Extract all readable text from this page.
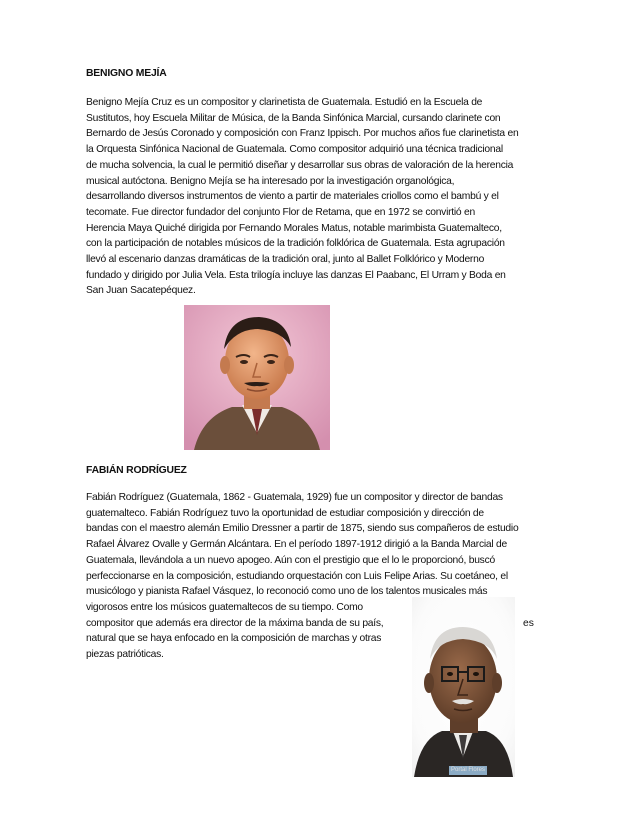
BENIGNO MEJÍA

Benigno Mejía Cruz es un compositor y clarinetista de Guatemala. Estudió en la Escuela de
Sustitutos, hoy Escuela Militar de Música, de la Banda Sinfónica Marcial, cursando clarinete con
Bernardo de Jesús Coronado y composición con Franz Ippisch. Por muchos años fue clarinetista en
la Orquesta Sinfónica Nacional de Guatemala. Como compositor adquirió una técnica tradicional
de mucha solvencia, la cual le permitió diseñar y desarrollar sus obras de valoración de la herencia
musical autóctona. Benigno Mejía se ha interesado por la investigación organológica,
desarrollando diversos instrumentos de viento a partir de materiales criollos como el bambú y el
tecomate. Fue director fundador del conjunto Flor de Retama, que en 1972 se convirtió en
Herencia Maya Quiché dirigida por Fernando Morales Matus, notable marimbista Guatemalteco,
con la participación de notables músicos de la tradición folklórica de Guatemala. Esta agrupación
llevó al escenario danzas dramáticas de la tradición oral, junto al Ballet Folklórico y Moderno
fundado y dirigido por Julia Vela. Esta trilogía incluye las danzas El Paabanc, El Urram y Boda en
San Juan Sacatepéquez.

FABIÁN RODRÍGUEZ

Fabián Rodríguez (Guatemala, 1862 - Guatemala, 1929) fue un compositor y director de bandas
guatemalteco. Fabián Rodríguez tuvo la oportunidad de estudiar composición y dirección de
bandas con el maestro alemán Emilio Dressner a partir de 1875, siendo sus compañeros de estudio
Rafael Álvarez Ovalle y Germán Alcántara. En el período 1897-1912 dirigió a la Banda Marcial de
Guatemala, llevándola a un nuevo apogeo. Aún con el prestigio que el lo le proporcionó, buscó
perfeccionarse en la composición, estudiando orquestación con Luis Felipe Arias. Su coetáneo, el
musicólogo y pianista Rafael Vásquez, lo reconoció como uno de los talentos musicales más
vigorosos entre los músicos guatemaltecos de su tiempo. Como
compositor que además era director de la máxima banda de su país,
natural que se haya enfocado en la composición de marchas y otras
piezas patrióticas.

es
Portal Flores
